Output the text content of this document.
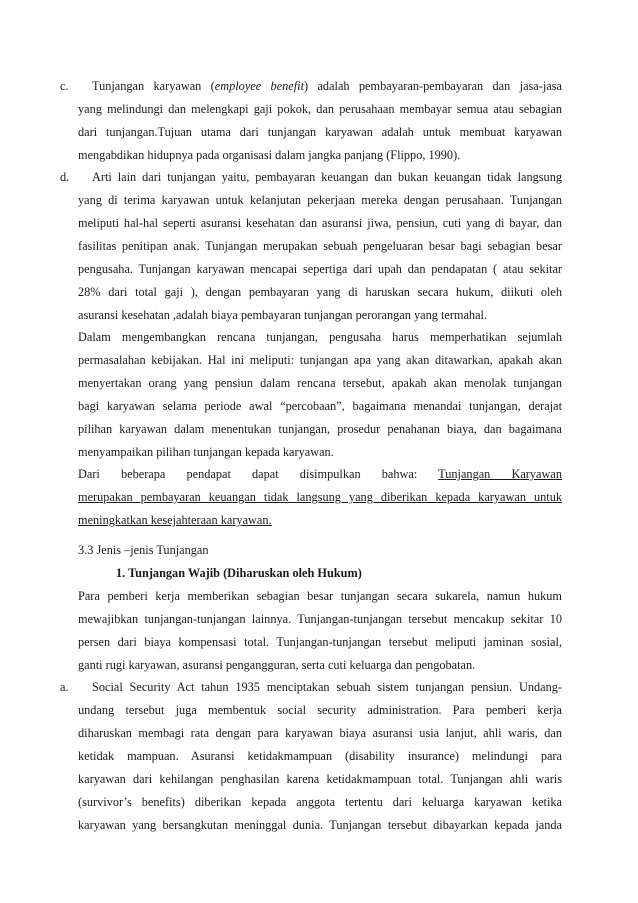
c.	Tunjangan karyawan (employee benefit) adalah pembayaran-pembayaran dan jasa-jasa
yang melindungi dan melengkapi gaji pokok, dan perusahaan membayar semua atau sebagian
dari tunjangan.Tujuan utama dari tunjangan karyawan adalah untuk membuat karyawan
mengabdikan hidupnya pada organisasi dalam jangka panjang (Flippo, 1990).
d.	Arti lain dari tunjangan yaitu, pembayaran keuangan dan bukan keuangan tidak langsung
yang di terima karyawan untuk kelanjutan pekerjaan mereka dengan perusahaan. Tunjangan
meliputi hal-hal seperti asuransi kesehatan dan asuransi jiwa, pensiun, cuti yang di bayar, dan
fasilitas penitipan anak. Tunjangan merupakan sebuah pengeluaran besar bagi sebagian besar
pengusaha. Tunjangan karyawan mencapai sepertiga dari upah dan pendapatan ( atau sekitar
28% dari total gaji ), dengan pembayaran yang di haruskan secara hukum, diikuti oleh
asuransi kesehatan ,adalah biaya pembayaran tunjangan perorangan yang termahal.
Dalam mengembangkan rencana tunjangan, pengusaha harus memperhatikan sejumlah
permasalahan kebijakan. Hal ini meliputi: tunjangan apa yang akan ditawarkan, apakah akan
menyertakan orang yang pensiun dalam rencana tersebut, apakah akan menolak tunjangan
bagi karyawan selama periode awal “percobaan”, bagaimana menandai tunjangan, derajat
pilihan karyawan dalam menentukan tunjangan, prosedur penahanan biaya, dan bagaimana
menyampaikan pilihan tunjangan kepada karyawan.
Dari beberapa pendapat dapat disimpulkan bahwa: Tunjangan Karyawan
merupakan pembayaran keuangan tidak langsung yang diberikan kepada karyawan untuk
meningkatkan kesejahteraan karyawan.
3.3 Jenis –jenis Tunjangan
1. Tunjangan Wajib (Diharuskan oleh Hukum)
Para pemberi kerja memberikan sebagian besar tunjangan secara sukarela, namun hukum
mewajibkan tunjangan-tunjangan lainnya. Tunjangan-tunjangan tersebut mencakup sekitar 10
persen dari biaya kompensasi total. Tunjangan-tunjangan tersebut meliputi jaminan sosial,
ganti rugi karyawan, asuransi pengangguran, serta cuti keluarga dan pengobatan.
a.	Social Security Act tahun 1935 menciptakan sebuah sistem tunjangan pensiun. Undang-
undang tersebut juga membentuk social security administration. Para pemberi kerja
diharuskan membagi rata dengan para karyawan biaya asuransi usia lanjut, ahli waris, dan
ketidak mampuan. Asuransi ketidakmampuan (disability insurance) melindungi para
karyawan dari kehilangan penghasilan karena ketidakmampuan total. Tunjangan ahli waris
(survivor’s benefits) diberikan kepada anggota tertentu dari keluarga karyawan ketika
karyawan yang bersangkutan meninggal dunia. Tunjangan tersebut dibayarkan kepada janda
